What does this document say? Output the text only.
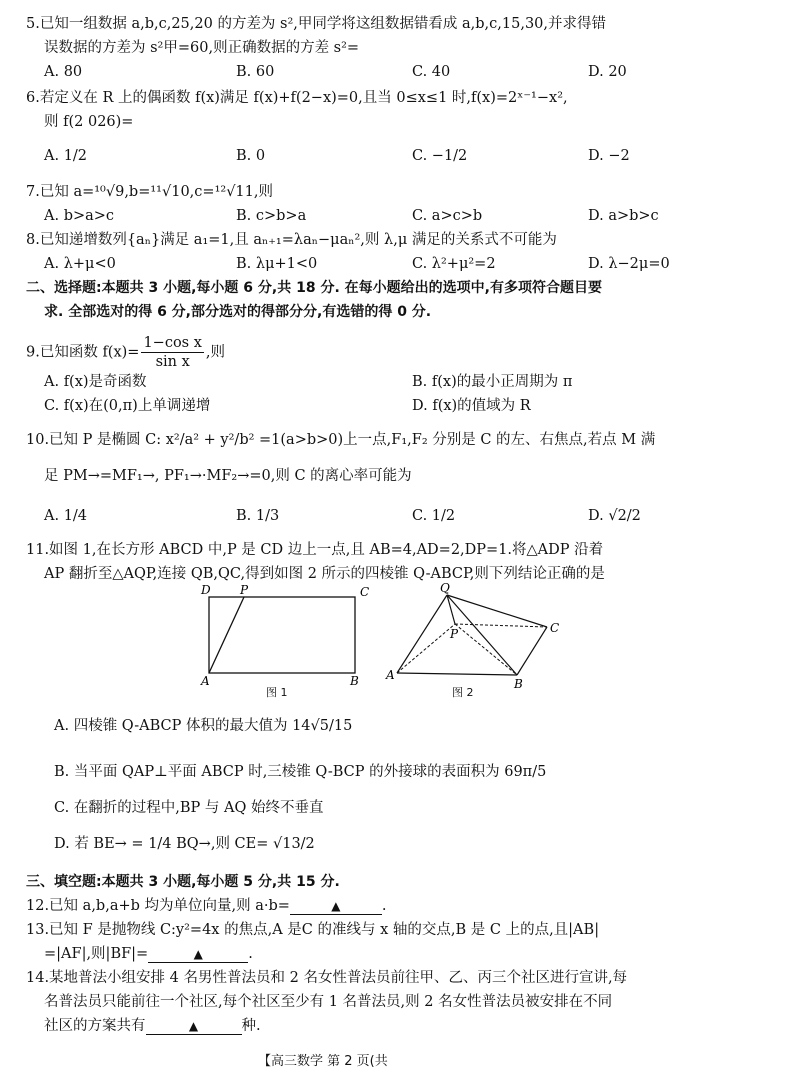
5.已知一组数据 a,b,c,25,20 的方差为 s²,甲同学将这组数据错看成 a,b,c,15,30,并求得错
误数据的方差为 s²甲=60,则正确数据的方差 s²=
A. 80	B. 60	C. 40	D. 20
6.若定义在 R 上的偶函数 f(x)满足 f(x)+f(2−x)=0,且当 0≤x≤1 时,f(x)=2ˣ⁻¹−x²,
则 f(2 026)=
A. 1/2	B. 0	C. −1/2	D. −2
7.已知 a=¹⁰√9,b=¹¹√10,c=¹²√11,则
A. b>a>c	B. c>b>a	C. a>c>b	D. a>b>c
8.已知递增数列{aₙ}满足 a₁=1,且 aₙ₊₁=λaₙ−μaₙ²,则 λ,μ 满足的关系式不可能为
A. λ+μ<0	B. λμ+1<0	C. λ²+μ²=2	D. λ−2μ=0
二、选择题:本题共 3 小题,每小题 6 分,共 18 分. 在每小题给出的选项中,有多项符合题目要
求. 全部选对的得 6 分,部分选对的得部分分,有选错的得 0 分.
9.已知函数 $f(x)= \frac{\text{1−cos x}}{\text{sin x}}$ ,则
A. f(x)是奇函数	B. f(x)的最小正周期为 π
C. f(x)在(0,π)上单调递增	D. f(x)的值域为 R
10.已知 P 是椭圆 C: x²/a² + y²/b² =1(a>b>0)上一点,F₁,F₂ 分别是 C 的左、右焦点,若点 M 满
足 PM→=MF₁→, PF₁→·MF₂→=0,则 C 的离心率可能为
A. 1/4	B. 1/3	C. 1/2	D. √2/2
11.如图 1,在长方形 ABCD 中,P 是 CD 边上一点,且 AB=4,AD=2,DP=1.将△ADP 沿着
AP 翻折至△AQP,连接 QB,QC,得到如图 2 所示的四棱锥 Q-ABCP,则下列结论正确的是
D P	C
A	B
图 1
Q
P	C
A
B
图 2
A. 四棱锥 Q-ABCP 体积的最大值为 14√5/15
B. 当平面 QAP⊥平面 ABCP 时,三棱锥 Q-BCP 的外接球的表面积为 69π/5
C. 在翻折的过程中,BP 与 AQ 始终不垂直
D. 若 BE→ = 1/4 BQ→,则 CE= √13/2
三、填空题:本题共 3 小题,每小题 5 分,共 15 分.
12.已知 a,b,a+b 均为单位向量,则 a·b=	▲	.
13.已知 F 是抛物线 C:y²=4x 的焦点,A 是C 的准线与 x 轴的交点,B 是 C 上的点,且|AB|
=|AF|,则|BF|=	▲	.
14.某地普法小组安排 4 名男性普法员和 2 名女性普法员前往甲、乙、丙三个社区进行宣讲,每
名普法员只能前往一个社区,每个社区至少有 1 名普法员,则 2 名女性普法员被安排在不同
社区的方案共有	▲	种.
【高三数学 第 2 页(共
